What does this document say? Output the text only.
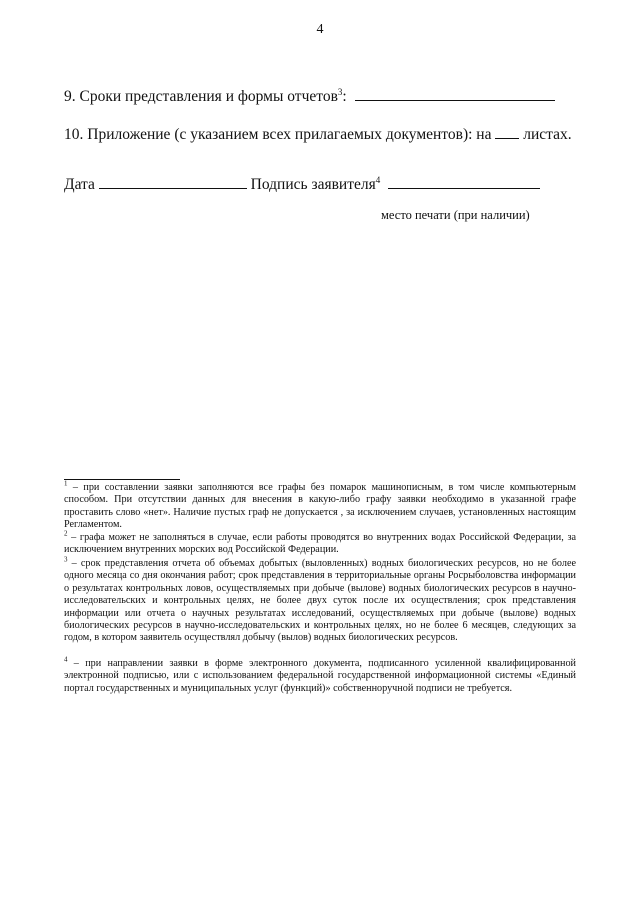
4
9. Сроки представления и формы отчетов$^3$:
10. Приложение (с указанием всех прилагаемых документов): на листах.
Дата	Подпись заявителя$^4$
место печати (при наличии)
$^1$ – при составлении заявки заполняются все графы без помарок машинописным, в том числе компьютерным способом. При отсутствии данных для внесения в какую-либо графу заявки необходимо в указанной графе проставить слово «нет». Наличие пустых граф не допускается , за исключением случаев, установленных настоящим Регламентом.
$^2$ – графа может не заполняться в случае, если работы проводятся во внутренних водах Российской Федерации, за исключением внутренних морских вод Российской Федерации.
$^3$ – срок представления отчета об объемах добытых (выловленных) водных биологических ресурсов, но не более одного месяца со дня окончания работ; срок представления в территориальные органы Росрыболовства информации о результатах контрольных ловов, осуществляемых при добыче (вылове) водных биологических ресурсов в научно-исследовательских и контрольных целях, не более двух суток после их осуществления; срок представления информации или отчета о научных результатах исследований, осуществляемых при добыче (вылове) водных биологических ресурсов в научно-исследовательских и контрольных целях, но не более 6 месяцев, следующих за годом, в котором заявитель осуществлял добычу (вылов) водных биологических ресурсов.
$^4$ – при направлении заявки в форме электронного документа, подписанного усиленной квалифицированной электронной подписью, или с использованием федеральной государственной информационной системы «Единый портал государственных и муниципальных услуг (функций)» собственноручной подписи не требуется.
